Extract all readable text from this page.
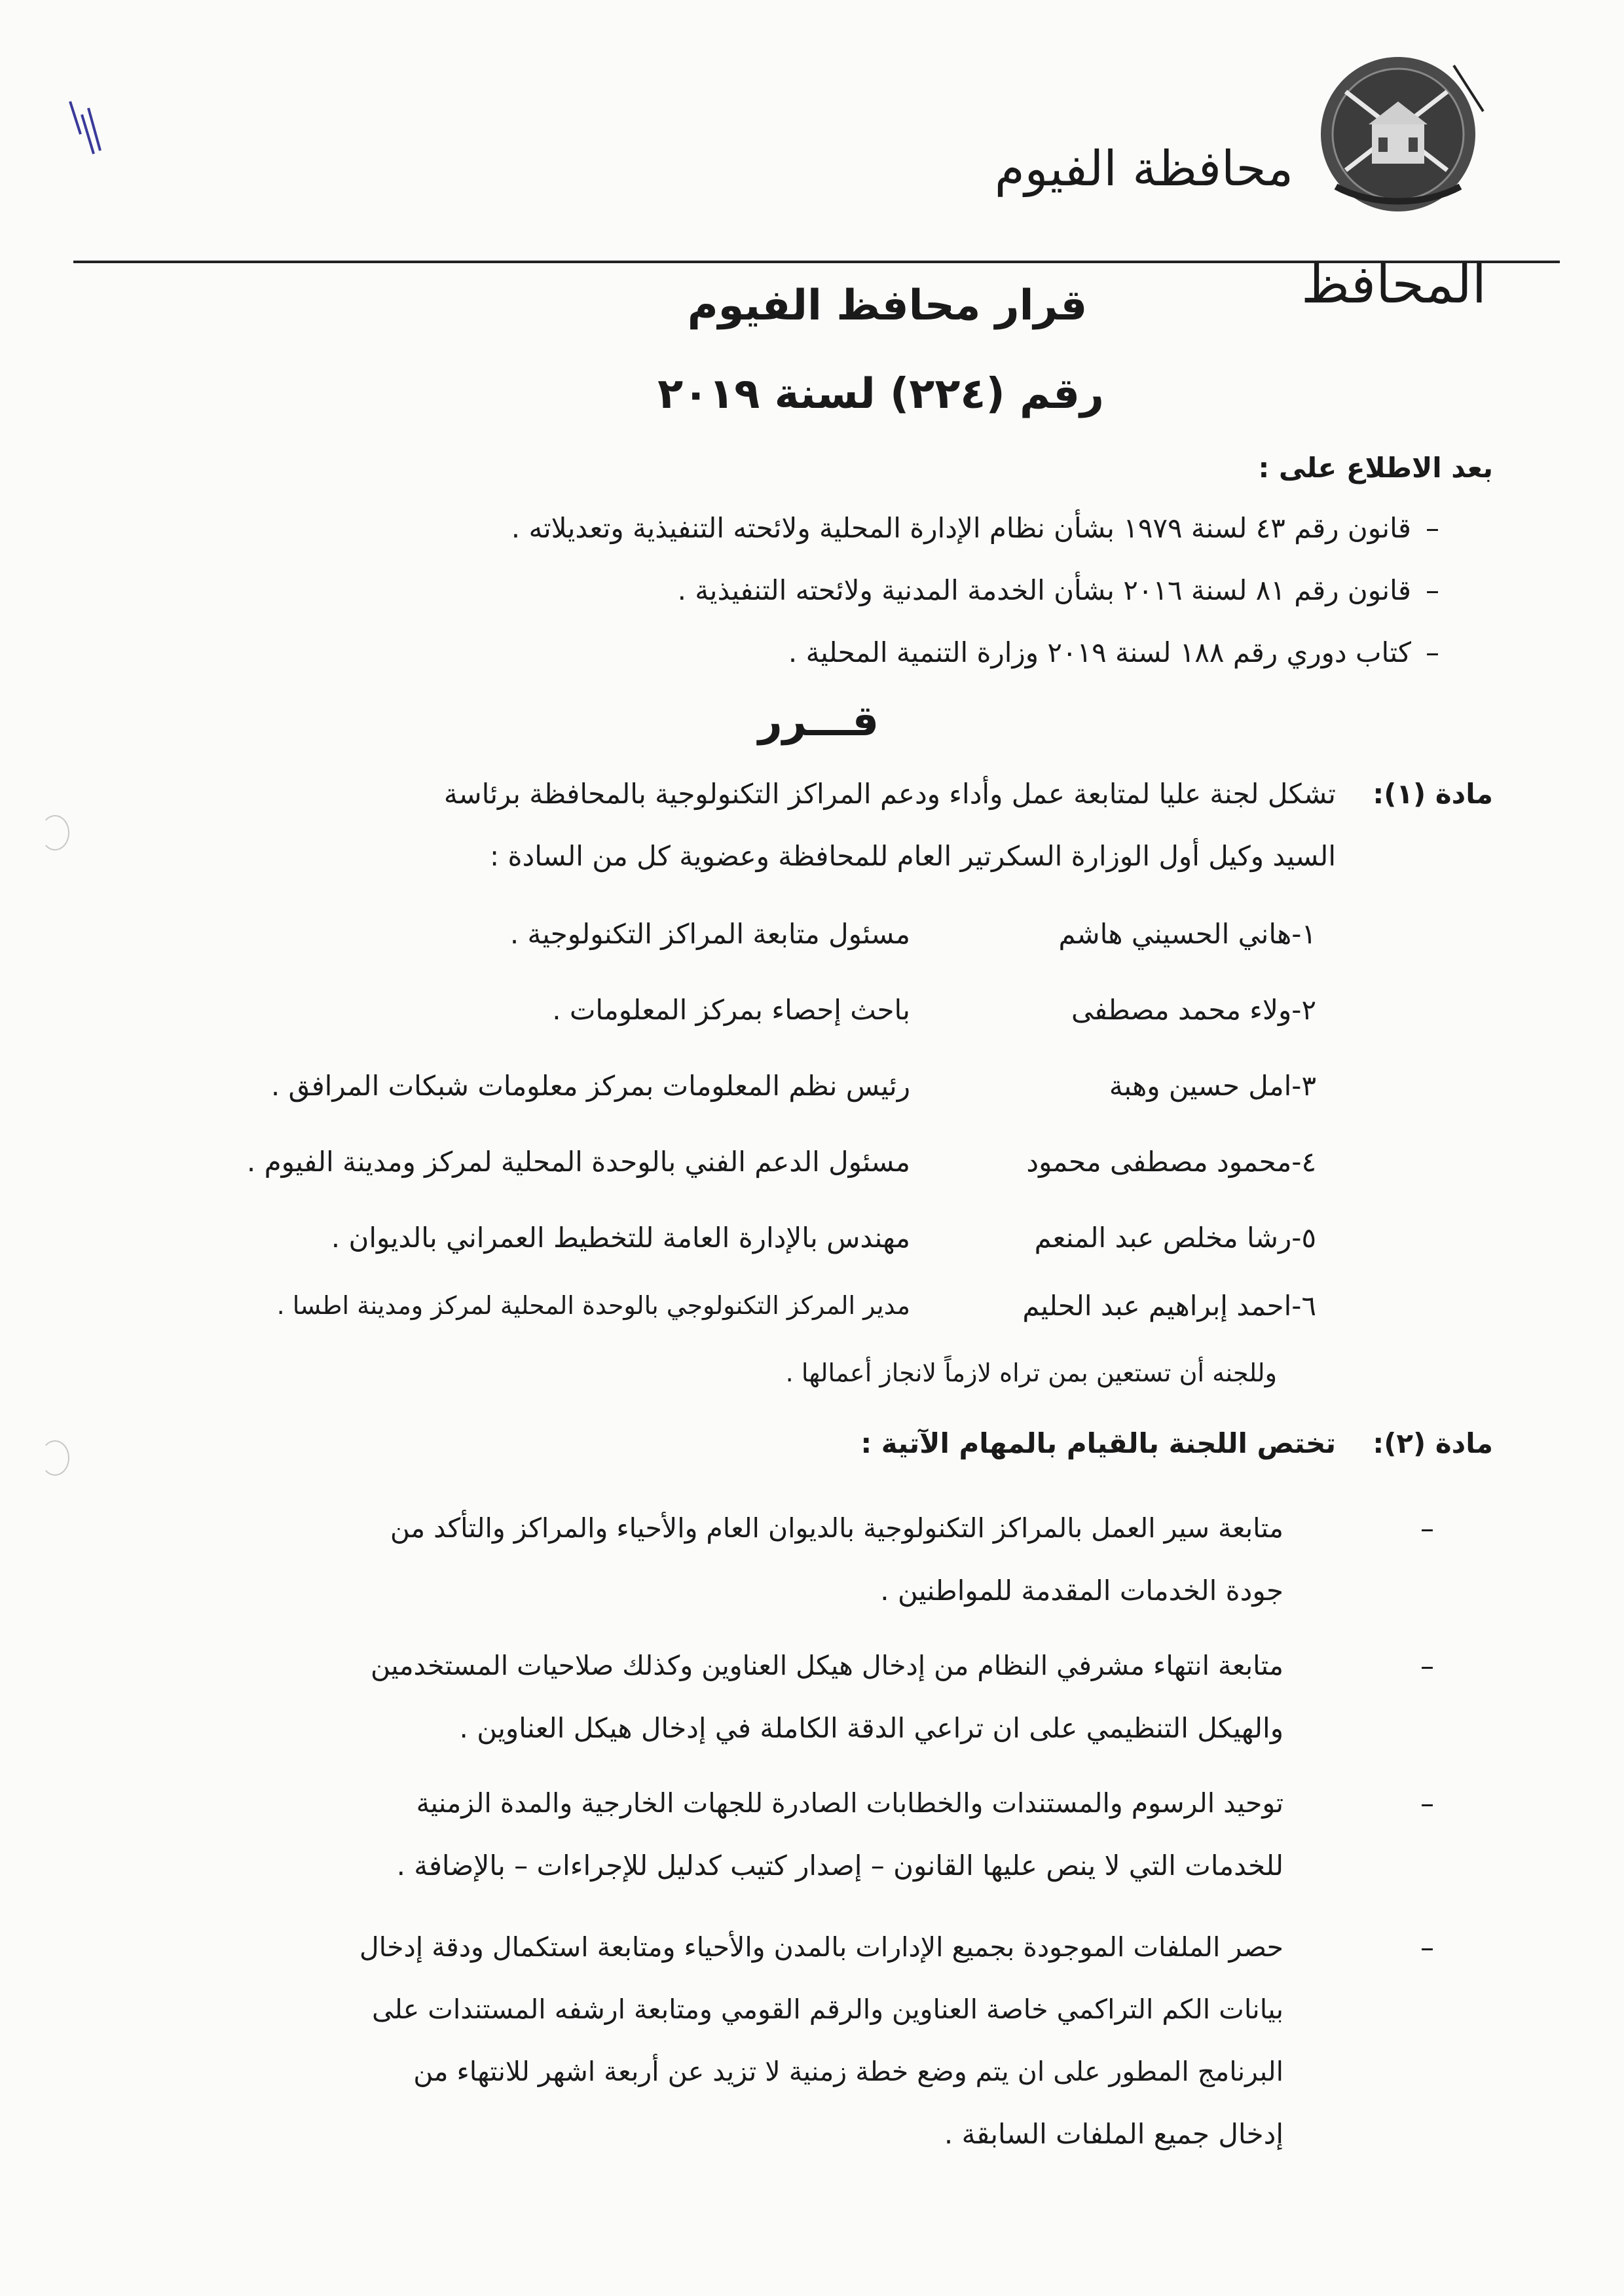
محافظة الفيوم
المحافظ
قرار محافظ الفيوم
رقم (٢٢٤) لسنة ٢٠١٩
بعد الاطلاع على :
–
قانون رقم ٤٣ لسنة ١٩٧٩ بشأن نظام الإدارة المحلية ولائحته التنفيذية وتعديلاته .
–
قانون رقم ٨١ لسنة ٢٠١٦ بشأن الخدمة المدنية ولائحته التنفيذية .
–
كتاب دوري رقم ١٨٨ لسنة ٢٠١٩ وزارة التنمية المحلية .
قـــرر
مادة (١):
تشكل لجنة عليا لمتابعة عمل وأداء ودعم المراكز التكنولوجية بالمحافظة برئاسة
السيد وكيل أول الوزارة السكرتير العام للمحافظة وعضوية كل من السادة :
١-هاني الحسيني هاشم
مسئول متابعة المراكز التكنولوجية .
٢-ولاء محمد مصطفى
باحث إحصاء بمركز المعلومات .
٣-امل حسين وهبة
رئيس نظم المعلومات بمركز معلومات شبكات المرافق .
٤-محمود مصطفى محمود
مسئول الدعم الفني بالوحدة المحلية لمركز ومدينة الفيوم .
٥-رشا مخلص عبد المنعم
مهندس بالإدارة العامة للتخطيط العمراني بالديوان .
٦-احمد إبراهيم عبد الحليم
مدير المركز التكنولوجي بالوحدة المحلية لمركز ومدينة اطسا .
وللجنه أن تستعين بمن تراه لازماً لانجاز أعمالها .
مادة (٢):
تختص اللجنة بالقيام بالمهام الآتية :
–
متابعة سير العمل بالمراكز التكنولوجية بالديوان العام والأحياء والمراكز والتأكد من
جودة الخدمات المقدمة للمواطنين .
–
متابعة انتهاء مشرفي النظام من إدخال هيكل العناوين وكذلك صلاحيات المستخدمين
والهيكل التنظيمي على ان تراعي الدقة الكاملة في إدخال هيكل العناوين .
–
توحيد الرسوم والمستندات والخطابات الصادرة للجهات الخارجية والمدة الزمنية
للخدمات التي لا ينص عليها القانون – إصدار كتيب كدليل للإجراءات – بالإضافة .
–
حصر الملفات الموجودة بجميع الإدارات بالمدن والأحياء ومتابعة استكمال ودقة إدخال
بيانات الكم التراكمي خاصة العناوين والرقم القومي ومتابعة ارشفه المستندات على
البرنامج المطور على ان يتم وضع خطة زمنية لا تزيد عن أربعة اشهر للانتهاء من
إدخال جميع الملفات السابقة .
